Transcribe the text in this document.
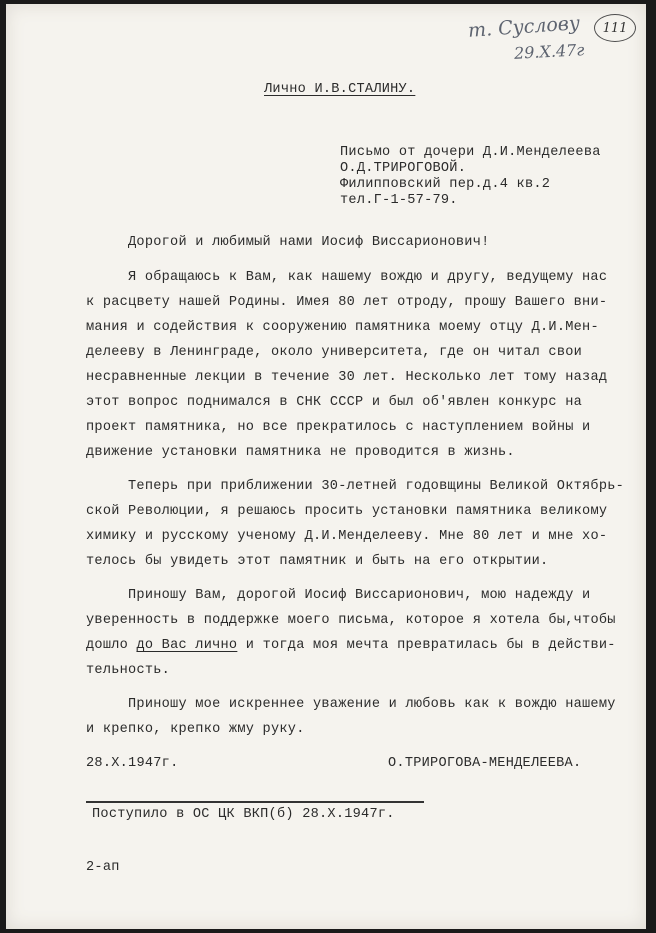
т. Суслову
29.X.47г
111
Лично И.В.СТАЛИНУ.
Письмо от дочери Д.И.Менделеева
О.Д.ТРИРОГОВОЙ.
Филипповский пер.д.4 кв.2
тел.Г-1-57-79.
Дорогой и любимый нами Иосиф Виссарионович!
Я обращаюсь к Вам, как нашему вождю и другу, ведущему нас
к расцвету нашей Родины. Имея 80 лет отроду, прошу Вашего вни-
мания и содействия к сооружению памятника моему отцу Д.И.Мен-
делееву в Ленинграде, около университета, где он читал свои
несравненные лекции в течение 30 лет. Несколько лет тому назад
этот вопрос поднимался в СНК СССР и был об'явлен конкурс на
проект памятника, но все прекратилось с наступлением войны и
движение установки памятника не проводится в жизнь.
Теперь при приближении 30-летней годовщины Великой Октябрь-
ской Революции, я решаюсь просить установки памятника великому
химику и русскому ученому Д.И.Менделееву. Мне 80 лет и мне хо-
телось бы увидеть этот памятник и быть на его открытии.
Приношу Вам, дорогой Иосиф Виссарионович, мою надежду и
уверенность в поддержке моего письма, которое я хотела бы,чтобы
дошло до Вас лично и тогда моя мечта превратилась бы в действи-
тельность.
Приношу мое искреннее уважение и любовь как к вождю нашему
и крепко, крепко жму руку.
28.X.1947г.	О.ТРИРОГОВА-МЕНДЕЛЕЕВА.
Поступило в ОС ЦК ВКП(б) 28.X.1947г.
2-ап
